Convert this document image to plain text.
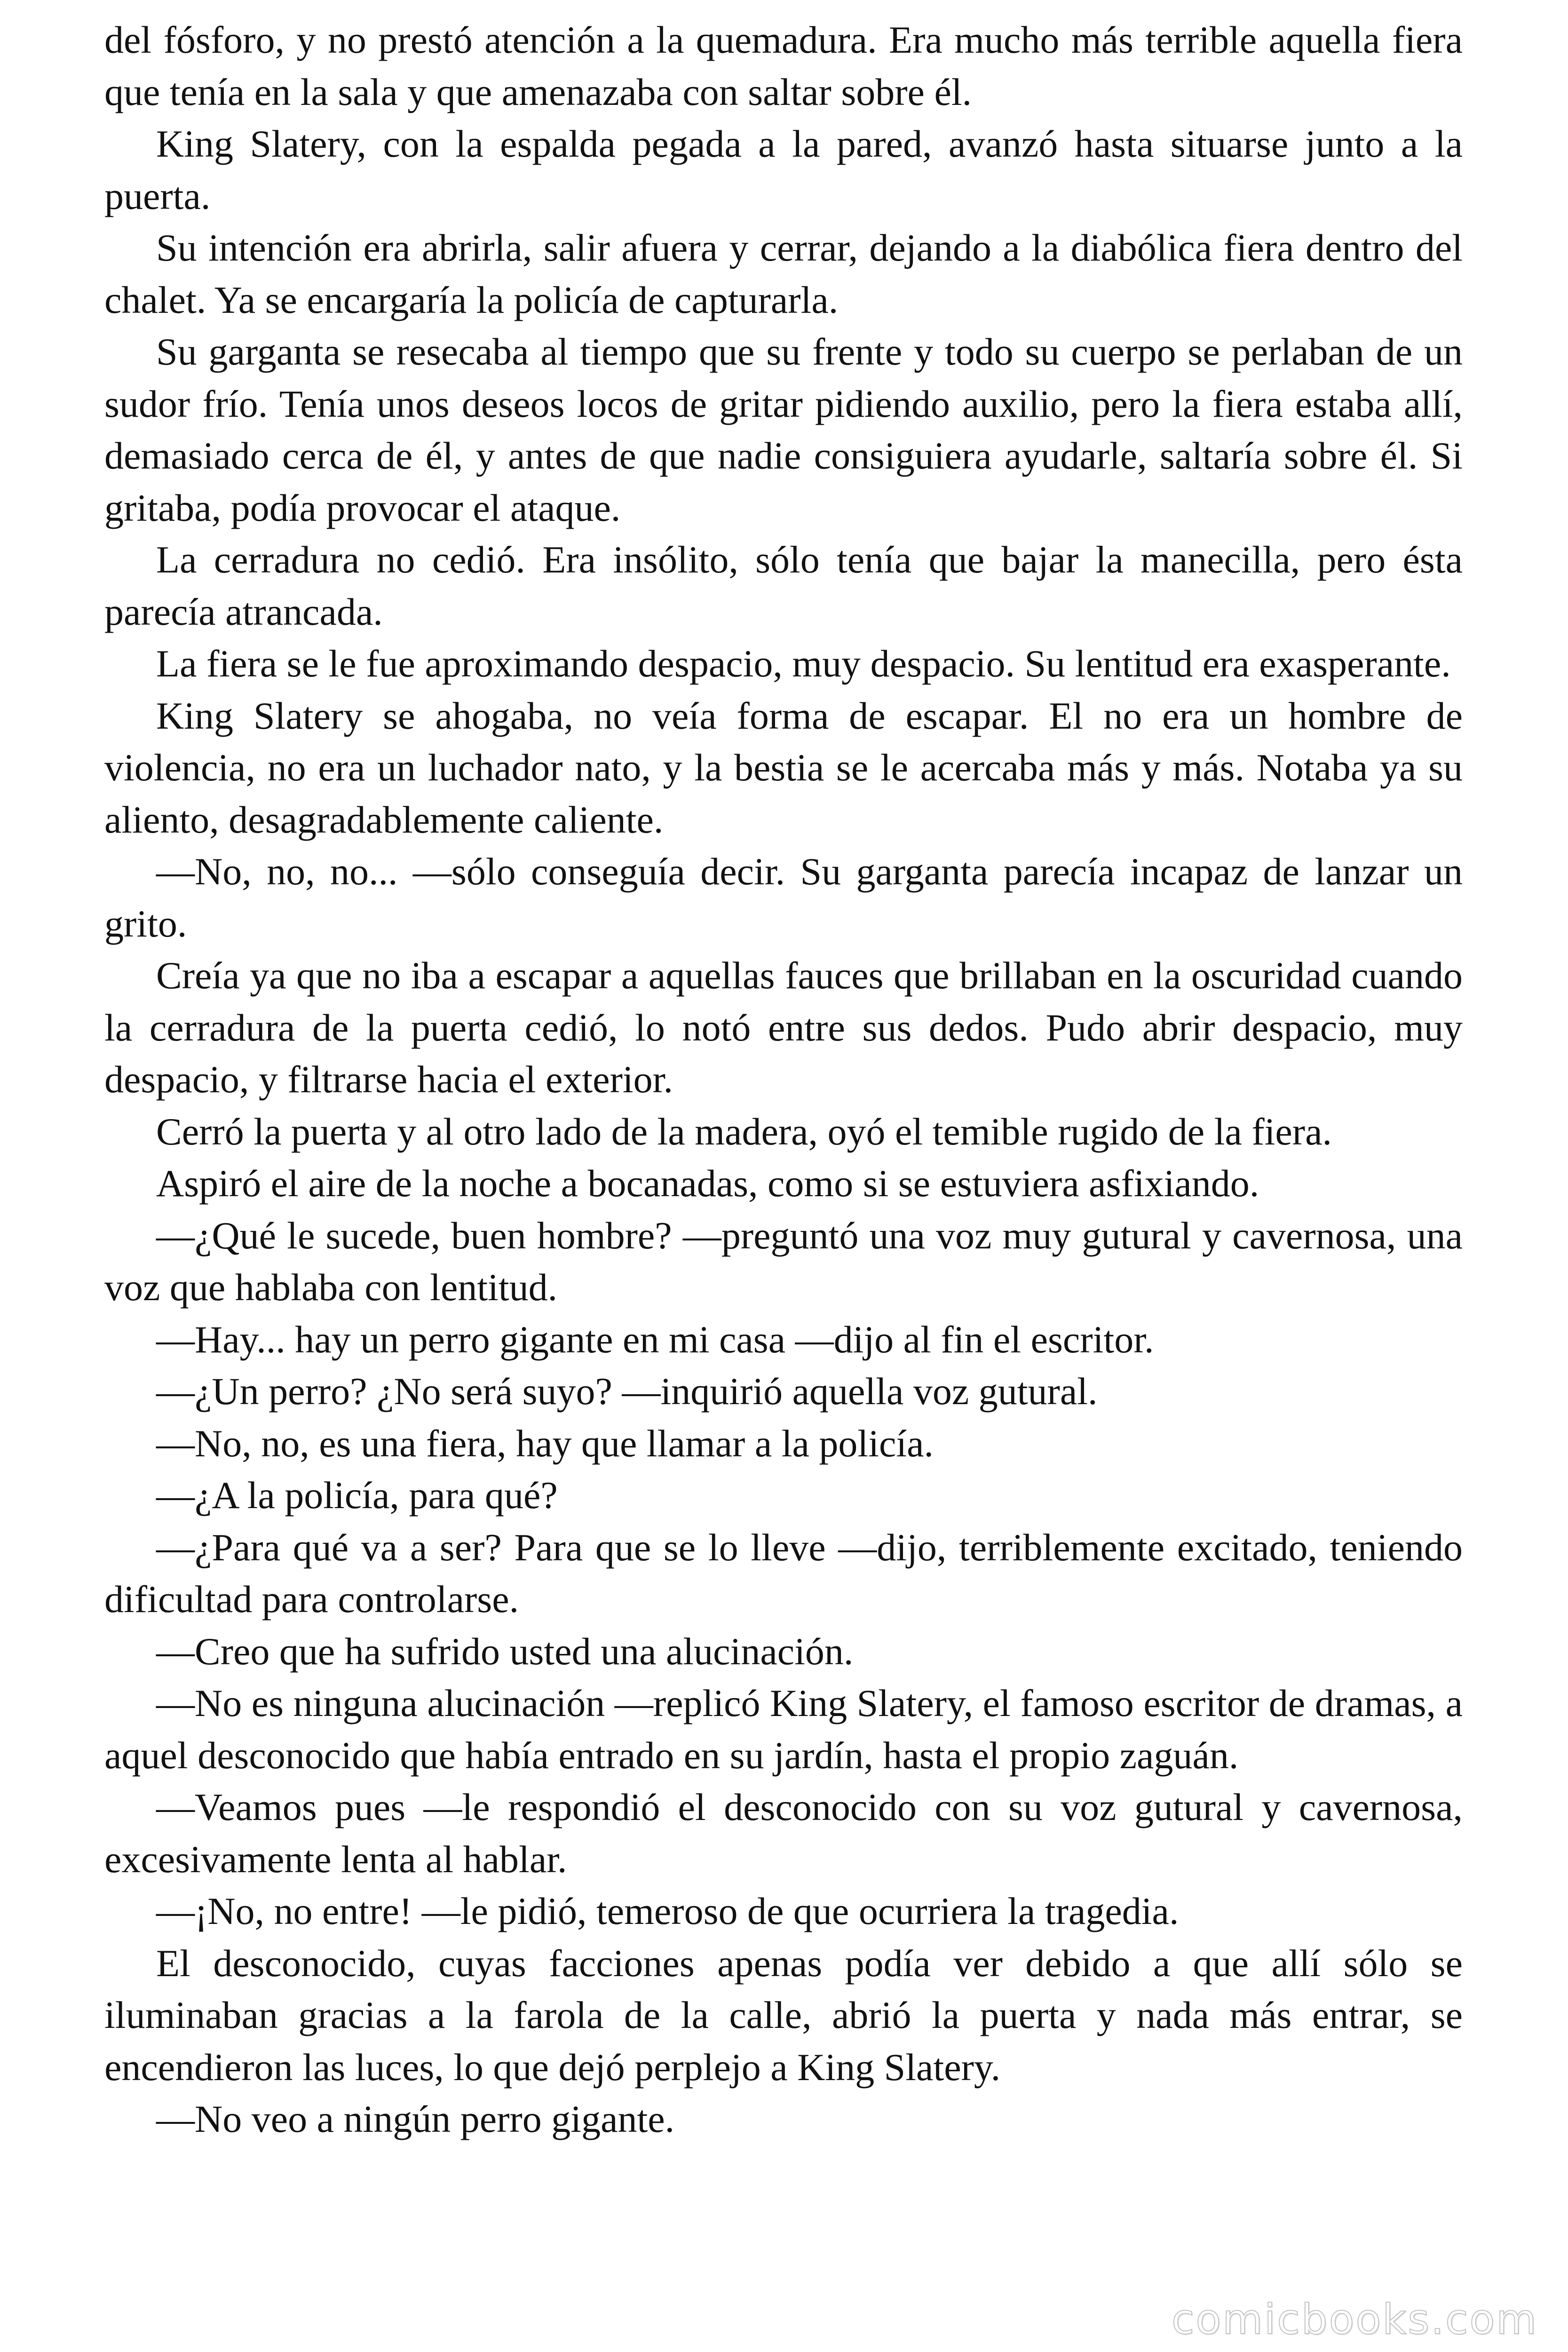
del fósforo, y no prestó atención a la quemadura. Era mucho más terrible aquella fiera que tenía en la sala y que amenazaba con saltar sobre él.

King Slatery, con la espalda pegada a la pared, avanzó hasta situarse junto a la puerta.

Su intención era abrirla, salir afuera y cerrar, dejando a la diabólica fiera dentro del chalet. Ya se encargaría la policía de capturarla.

Su garganta se resecaba al tiempo que su frente y todo su cuerpo se perlaban de un sudor frío. Tenía unos deseos locos de gritar pidiendo auxilio, pero la fiera estaba allí, demasiado cerca de él, y antes de que nadie consiguiera ayudarle, saltaría sobre él. Si gritaba, podía provocar el ataque.

La cerradura no cedió. Era insólito, sólo tenía que bajar la manecilla, pero ésta parecía atrancada.

La fiera se le fue aproximando despacio, muy despacio. Su lentitud era exasperante.

King Slatery se ahogaba, no veía forma de escapar. El no era un hombre de violencia, no era un luchador nato, y la bestia se le acercaba más y más. Notaba ya su aliento, desagradablemente caliente.

—No, no, no... —sólo conseguía decir. Su garganta parecía incapaz de lanzar un grito.

Creía ya que no iba a escapar a aquellas fauces que brillaban en la oscuridad cuando la cerradura de la puerta cedió, lo notó entre sus dedos. Pudo abrir despacio, muy despacio, y filtrarse hacia el exterior.

Cerró la puerta y al otro lado de la madera, oyó el temible rugido de la fiera.

Aspiró el aire de la noche a bocanadas, como si se estuviera asfixiando.

—¿Qué le sucede, buen hombre? —preguntó una voz muy gutural y cavernosa, una voz que hablaba con lentitud.

—Hay... hay un perro gigante en mi casa —dijo al fin el escritor.

—¿Un perro? ¿No será suyo? —inquirió aquella voz gutural.

—No, no, es una fiera, hay que llamar a la policía.

—¿A la policía, para qué?

—¿Para qué va a ser? Para que se lo lleve —dijo, terriblemente excitado, teniendo dificultad para controlarse.

—Creo que ha sufrido usted una alucinación.

—No es ninguna alucinación —replicó King Slatery, el famoso escritor de dramas, a aquel desconocido que había entrado en su jardín, hasta el propio zaguán.

—Veamos pues —le respondió el desconocido con su voz gutural y cavernosa, excesivamente lenta al hablar.

—¡No, no entre! —le pidió, temeroso de que ocurriera la tragedia.

El desconocido, cuyas facciones apenas podía ver debido a que allí sólo se iluminaban gracias a la farola de la calle, abrió la puerta y nada más entrar, se encendieron las luces, lo que dejó perplejo a King Slatery.

—No veo a ningún perro gigante.

comicbooks.com
